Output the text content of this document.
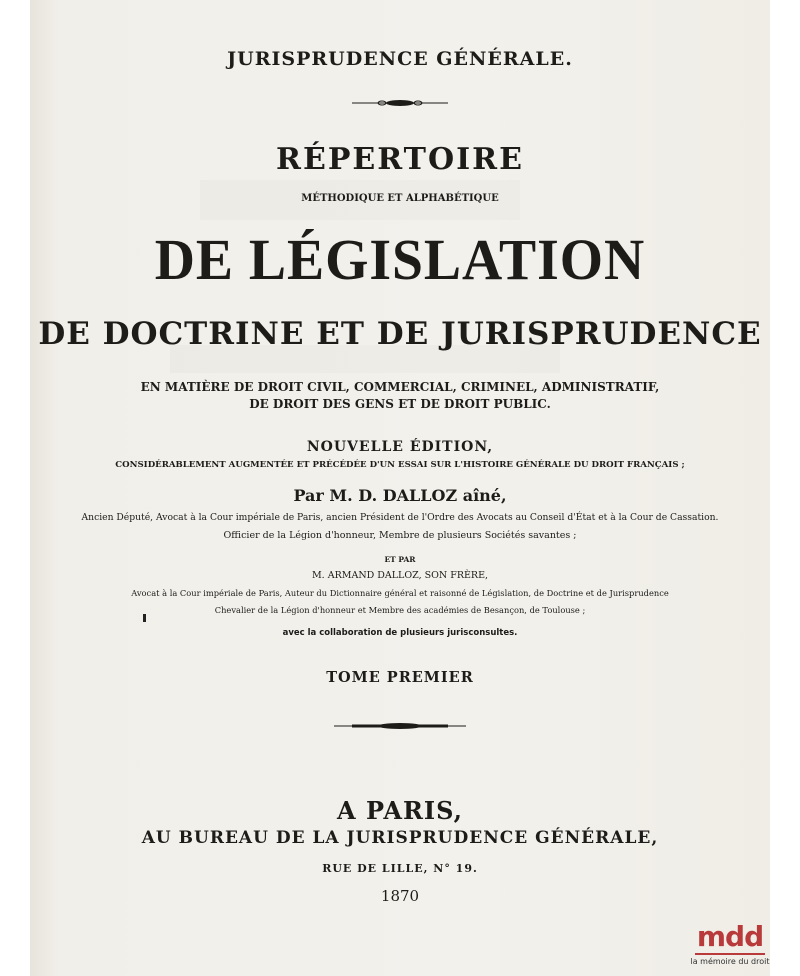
JURISPRUDENCE GÉNÉRALE.
RÉPERTOIRE
MÉTHODIQUE ET ALPHABÉTIQUE
DE LÉGISLATION
DE DOCTRINE ET DE JURISPRUDENCE
EN MATIÈRE DE DROIT CIVIL, COMMERCIAL, CRIMINEL, ADMINISTRATIF,
DE DROIT DES GENS ET DE DROIT PUBLIC.
NOUVELLE ÉDITION,
CONSIDÉRABLEMENT AUGMENTÉE ET PRÉCÉDÉE D'UN ESSAI SUR L'HISTOIRE GÉNÉRALE DU DROIT FRANÇAIS ;
Par M. D. DALLOZ aîné,
Ancien Député, Avocat à la Cour impériale de Paris, ancien Président de l'Ordre des Avocats au Conseil d'État et à la Cour de Cassation.
Officier de la Légion d'honneur, Membre de plusieurs Sociétés savantes ;
ET PAR
M. ARMAND DALLOZ, SON FRÈRE,
Avocat à la Cour impériale de Paris, Auteur du Dictionnaire général et raisonné de Législation, de Doctrine et de Jurisprudence
Chevalier de la Légion d'honneur et Membre des académies de Besançon, de Toulouse ;
avec la collaboration de plusieurs jurisconsultes.
TOME PREMIER
A PARIS,
AU BUREAU DE LA JURISPRUDENCE GÉNÉRALE,
RUE DE LILLE, N° 19.
1870
mdd
la mémoire du droit
